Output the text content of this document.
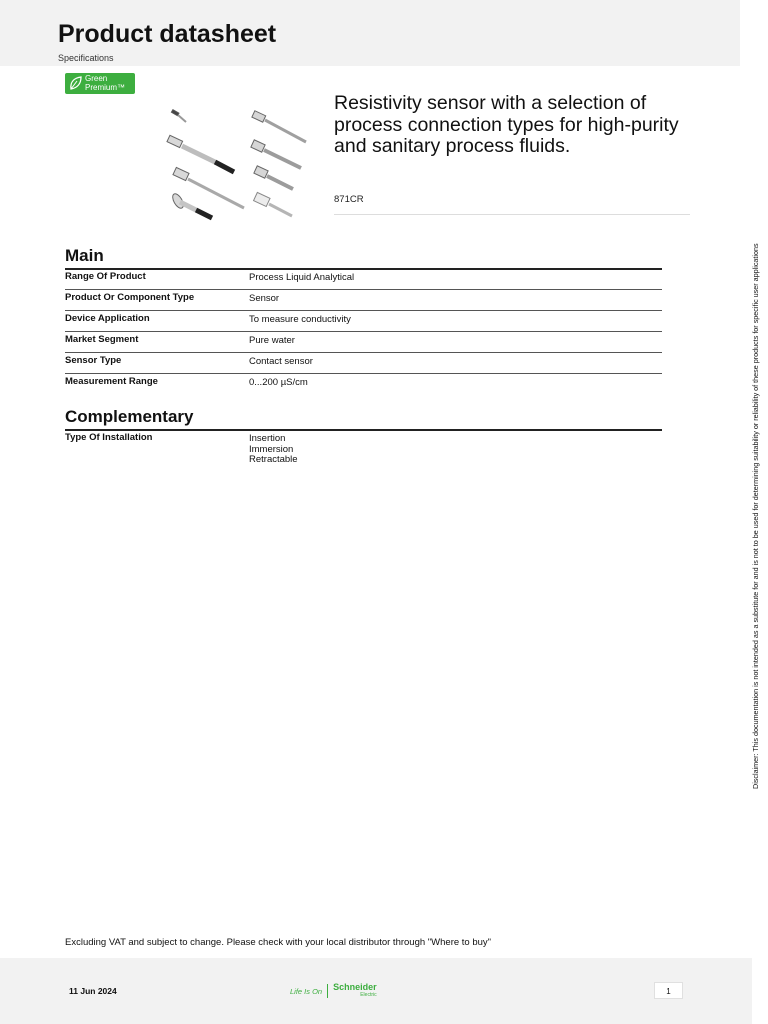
Product datasheet
Specifications
Green
Premium™
Resistivity sensor with a selection of process connection types for high-purity and sanitary process fluids.
871CR
Main
Range Of Product	Process Liquid Analytical
Product Or Component Type	Sensor
Device Application	To measure conductivity
Market Segment	Pure water
Sensor Type	Contact sensor
Measurement Range	0...200 µS/cm
Complementary
Type Of Installation	Insertion
Immersion
Retractable	Disclaimer: This documentation is not intended as a substitute for and is not to be used for determining suitability or reliability of these products for specific user applications
Excluding VAT and subject to change. Please check with your local distributor through "Where to buy"
11 Jun 2024	Life Is On Schneider
Electric	1
